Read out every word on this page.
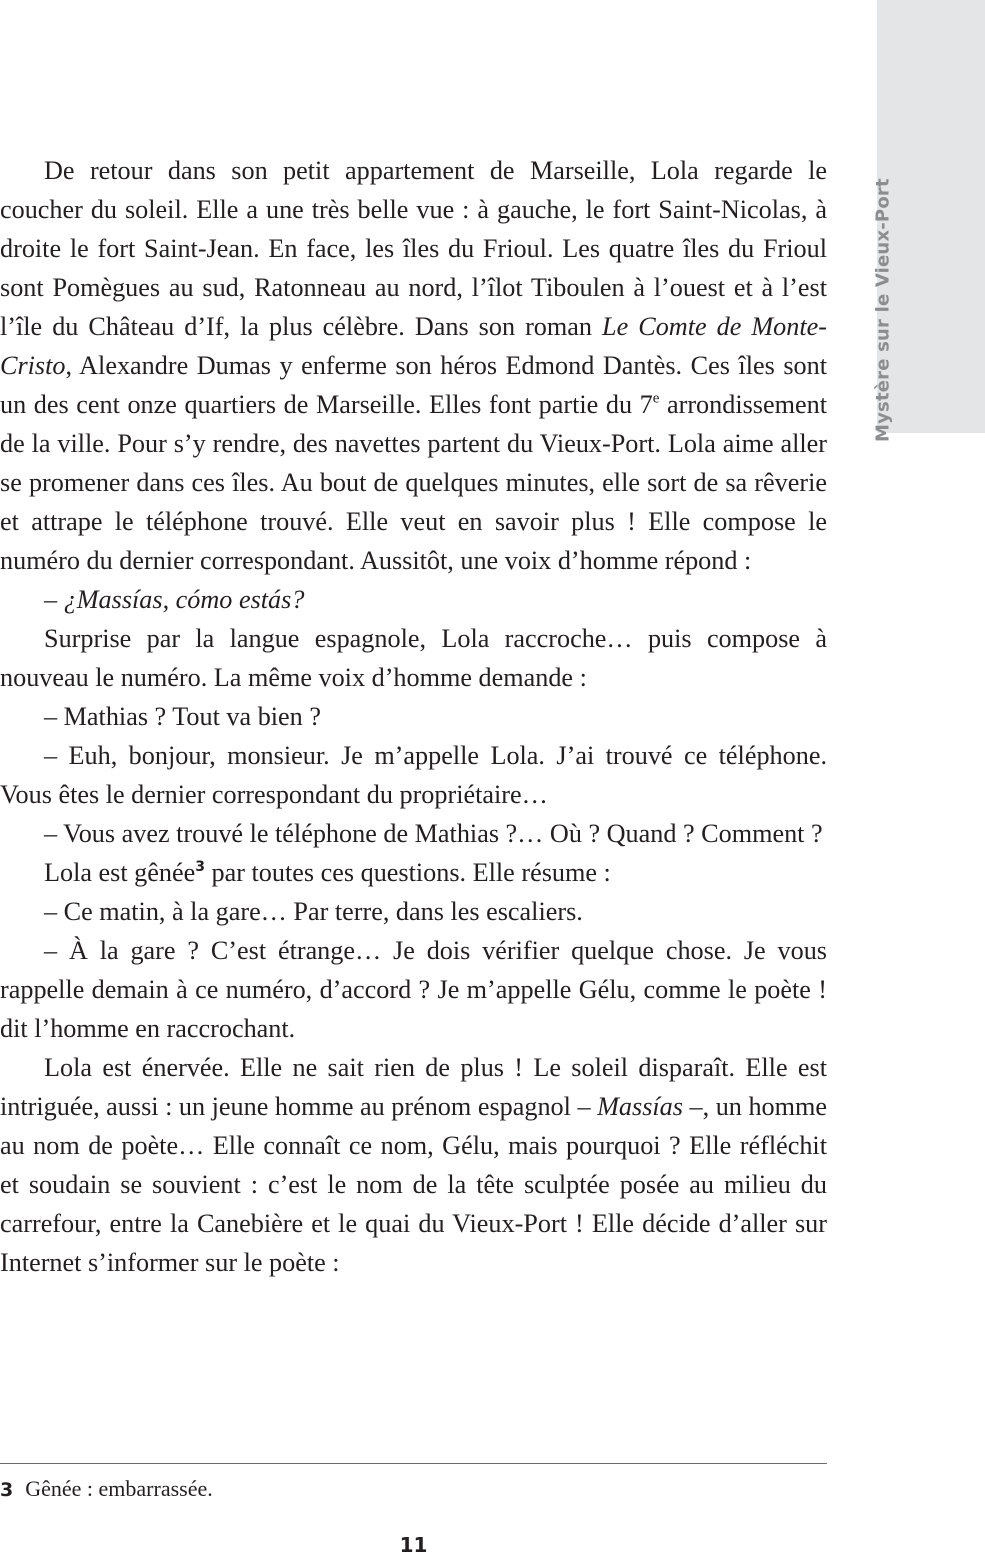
Mystère sur le Vieux-Port

De retour dans son petit appartement de Marseille, Lola regarde le coucher du soleil. Elle a une très belle vue : à gauche, le fort Saint-Nicolas, à droite le fort Saint-Jean. En face, les îles du Frioul. Les quatre îles du Frioul sont Pomègues au sud, Ratonneau au nord, l’îlot Tiboulen à l’ouest et à l’est l’île du Château d’If, la plus célèbre. Dans son roman Le Comte de Monte-Cristo, Alexandre Dumas y enferme son héros Edmond Dantès. Ces îles sont un des cent onze quartiers de Marseille. Elles font partie du 7e arrondissement de la ville. Pour s’y rendre, des navettes partent du Vieux-Port. Lola aime aller se promener dans ces îles. Au bout de quelques minutes, elle sort de sa rêverie et attrape le téléphone trouvé. Elle veut en savoir plus ! Elle compose le numéro du dernier correspondant. Aussitôt, une voix d’homme répond :

– ¿Massías, cómo estás?

Surprise par la langue espagnole, Lola raccroche… puis compose à nouveau le numéro. La même voix d’homme demande :

– Mathias ? Tout va bien ?

– Euh, bonjour, monsieur. Je m’appelle Lola. J’ai trouvé ce téléphone. Vous êtes le dernier correspondant du propriétaire…

– Vous avez trouvé le téléphone de Mathias ?… Où ? Quand ? Comment ?

Lola est gênée$^3$ par toutes ces questions. Elle résume :

– Ce matin, à la gare… Par terre, dans les escaliers.

– À la gare ? C’est étrange… Je dois vérifier quelque chose. Je vous rappelle demain à ce numéro, d’accord ? Je m’appelle Gélu, comme le poète ! dit l’homme en raccrochant.

Lola est énervée. Elle ne sait rien de plus ! Le soleil disparaît. Elle est intriguée, aussi : un jeune homme au prénom espagnol – Massías –, un homme au nom de poète… Elle connaît ce nom, Gélu, mais pourquoi ? Elle réfléchit et soudain se souvient : c’est le nom de la tête sculptée posée au milieu du carrefour, entre la Canebière et le quai du Vieux-Port ! Elle décide d’aller sur Internet s’informer sur le poète :

3 Gênée : embarrassée.
11
